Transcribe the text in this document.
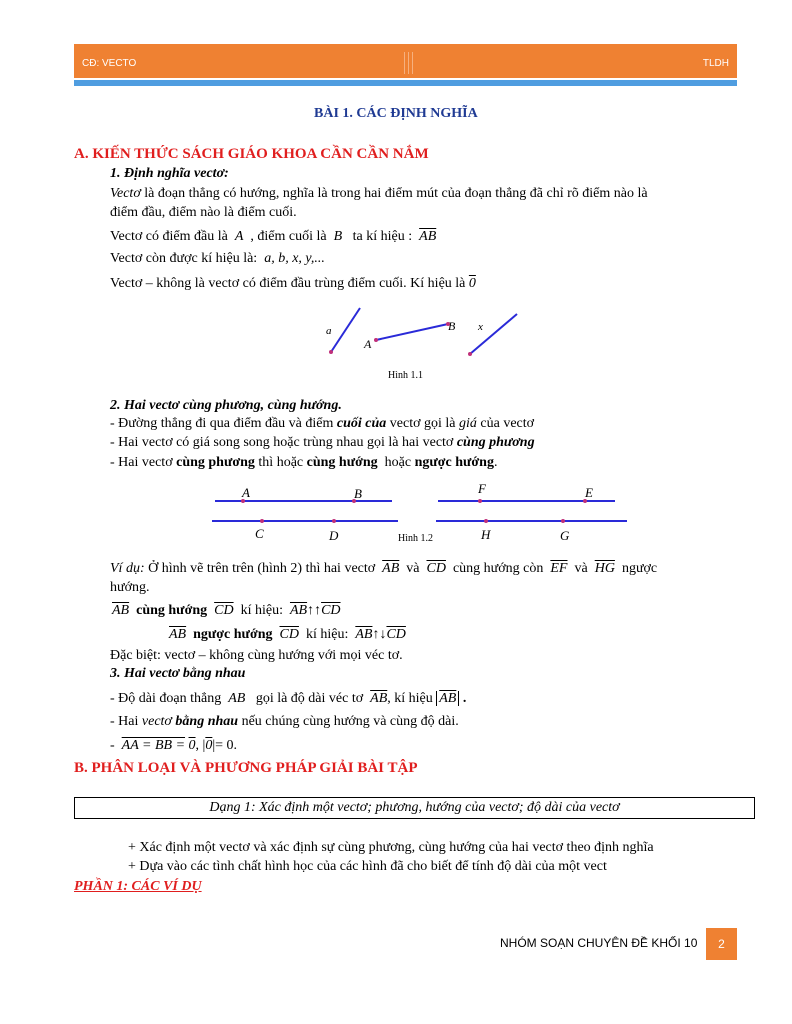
CĐ: VECTO	TLDH
BÀI 1. CÁC ĐỊNH NGHĨA
A. KIẾN THỨC SÁCH GIÁO KHOA CẦN CẦN NẮM
1. Định nghĩa vectơ:
Vectơ là đoạn thẳng có hướng, nghĩa là trong hai điểm mút của đoạn thẳng đã chỉ rõ điểm nào là
điểm đầu, điểm nào là điểm cuối.
Vectơ có điểm đầu là A , điểm cuối là B ta kí hiệu : $\overline{AB}$
Vectơ còn được kí hiệu là: a, b, x, y,...
Vectơ – không là vectơ có điểm đầu trùng điểm cuối. Kí hiệu là 0
a
A
B x
A	B
C	D
F	E
H	G
Hình 1.1
Hình 1.2
2. Hai vectơ cùng phương, cùng hướng.
- Đường thẳng đi qua điểm đầu và điểm cuối của vectơ gọi là giá của vectơ
- Hai vectơ có giá song song hoặc trùng nhau gọi là hai vectơ cùng phương
- Hai vectơ cùng phương thì hoặc cùng hướng hoặc ngược hướng.
Ví dụ: Ở hình vẽ trên trên (hình 2) thì hai vectơ $\overline{AB}$ và $\overline{CD}$ cùng hướng còn $\overline{EF}$ và $\overline{HG}$ ngược
hướng.
$\overline{AB}$ cùng hướng $\overline{CD}$ kí hiệu: $\overline{AB}↑↑\overline{CD}$
$\overline{AB}$ ngược hướng $\overline{CD}$ kí hiệu: $\overline{AB}↑↓\overline{CD}$
Đặc biệt: vectơ – không cùng hướng với mọi véc tơ.
3. Hai vectơ bằng nhau
- Độ dài đoạn thẳng AB gọi là độ dài véc tơ $\overline{AB}$, kí hiệu $\overline{AB}$ .
- Hai vectơ bằng nhau nếu chúng cùng hướng và cùng độ dài.
- AA = BB = 0, |0|= 0.
B. PHÂN LOẠI VÀ PHƯƠNG PHÁP GIẢI BÀI TẬP
Dạng 1: Xác định một vectơ; phương, hướng của vectơ; độ dài của vectơ
+ Xác định một vectơ và xác định sự cùng phương, cùng hướng của hai vectơ theo định nghĩa
+ Dựa vào các tình chất hình học của các hình đã cho biết để tính độ dài của một vect
PHẦN 1: CÁC VÍ DỤ
NHÓM SOẠN CHUYÊN ĐỀ KHỐI 10	2
